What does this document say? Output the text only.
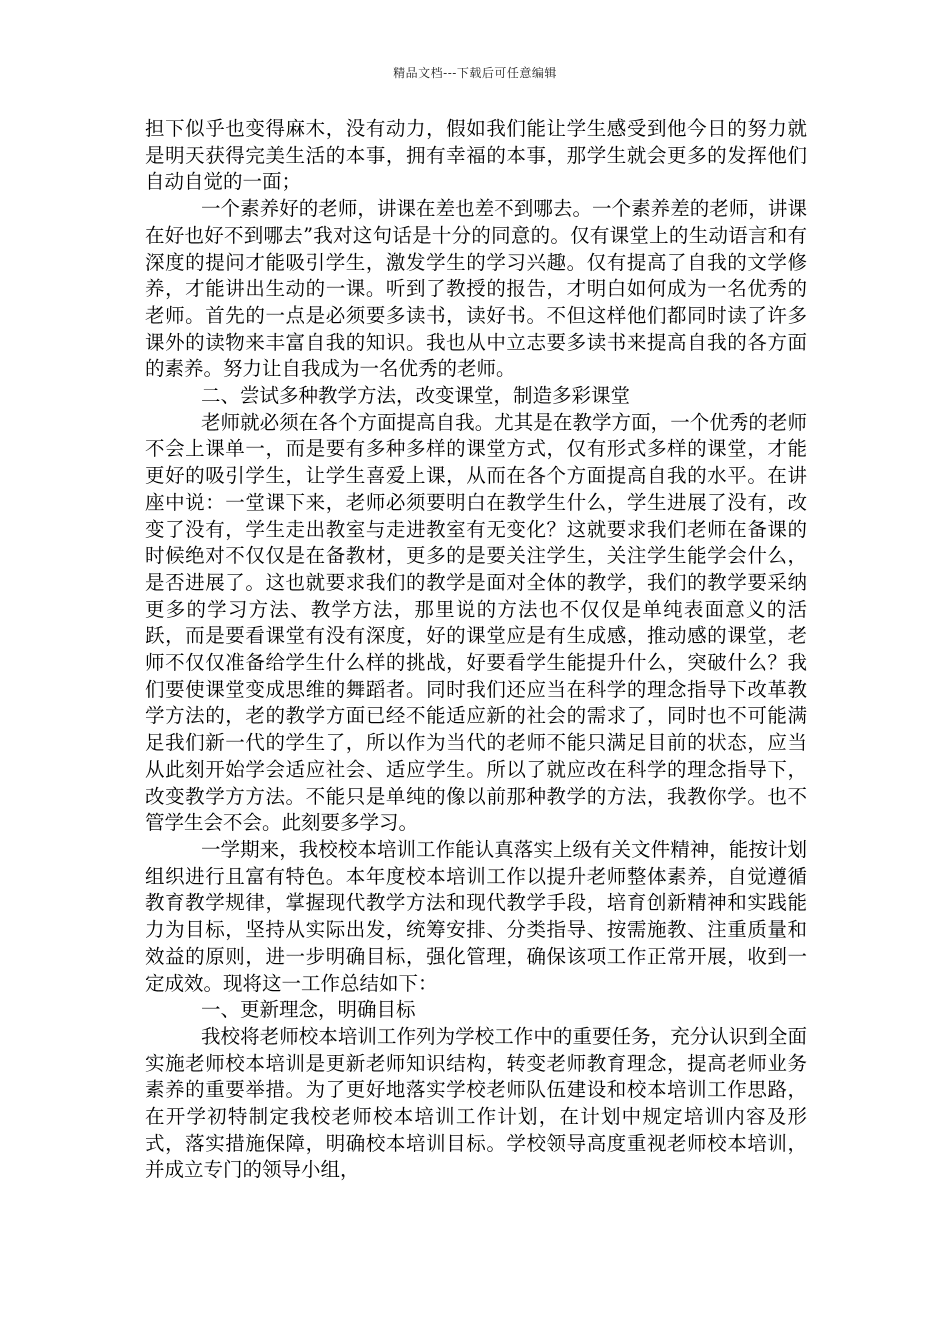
精品文档---下载后可任意编辑

担下似乎也变得麻木，没有动力，假如我们能让学生感受到他今日的努力就是明天获得完美生活的本事，拥有幸福的本事，那学生就会更多的发挥他们自动自觉的一面；

一个素养好的老师，讲课在差也差不到哪去。一个素养差的老师，讲课在好也好不到哪去”我对这句话是十分的同意的。仅有课堂上的生动语言和有深度的提问才能吸引学生，激发学生的学习兴趣。仅有提高了自我的文学修养，才能讲出生动的一课。听到了教授的报告，才明白如何成为一名优秀的老师。首先的一点是必须要多读书，读好书。不但这样他们都同时读了许多课外的读物来丰富自我的知识。我也从中立志要多读书来提高自我的各方面的素养。努力让自我成为一名优秀的老师。

二、尝试多种教学方法，改变课堂，制造多彩课堂

老师就必须在各个方面提高自我。尤其是在教学方面，一个优秀的老师不会上课单一，而是要有多种多样的课堂方式，仅有形式多样的课堂，才能更好的吸引学生，让学生喜爱上课，从而在各个方面提高自我的水平。在讲座中说：一堂课下来，老师必须要明白在教学生什么，学生进展了没有，改变了没有，学生走出教室与走进教室有无变化？这就要求我们老师在备课的时候绝对不仅仅是在备教材，更多的是要关注学生，关注学生能学会什么，是否进展了。这也就要求我们的教学是面对全体的教学，我们的教学要采纳更多的学习方法、教学方法，那里说的方法也不仅仅是单纯表面意义的活跃，而是要看课堂有没有深度，好的课堂应是有生成感，推动感的课堂，老师不仅仅准备给学生什么样的挑战，好要看学生能提升什么，突破什么？我们要使课堂变成思维的舞蹈者。同时我们还应当在科学的理念指导下改革教学方法的，老的教学方面已经不能适应新的社会的需求了，同时也不可能满足我们新一代的学生了，所以作为当代的老师不能只满足目前的状态，应当从此刻开始学会适应社会、适应学生。所以了就应改在科学的理念指导下，改变教学方方法。不能只是单纯的像以前那种教学的方法，我教你学。也不管学生会不会。此刻要多学习。

一学期来，我校校本培训工作能认真落实上级有关文件精神，能按计划组织进行且富有特色。本年度校本培训工作以提升老师整体素养，自觉遵循教育教学规律，掌握现代教学方法和现代教学手段，培育创新精神和实践能力为目标，坚持从实际出发，统筹安排、分类指导、按需施教、注重质量和效益的原则，进一步明确目标，强化管理，确保该项工作正常开展，收到一定成效。现将这一工作总结如下：

一、更新理念，明确目标

我校将老师校本培训工作列为学校工作中的重要任务，充分认识到全面实施老师校本培训是更新老师知识结构，转变老师教育理念，提高老师业务素养的重要举措。为了更好地落实学校老师队伍建设和校本培训工作思路，在开学初特制定我校老师校本培训工作计划，在计划中规定培训内容及形式，落实措施保障，明确校本培训目标。学校领导高度重视老师校本培训，并成立专门的领导小组，
